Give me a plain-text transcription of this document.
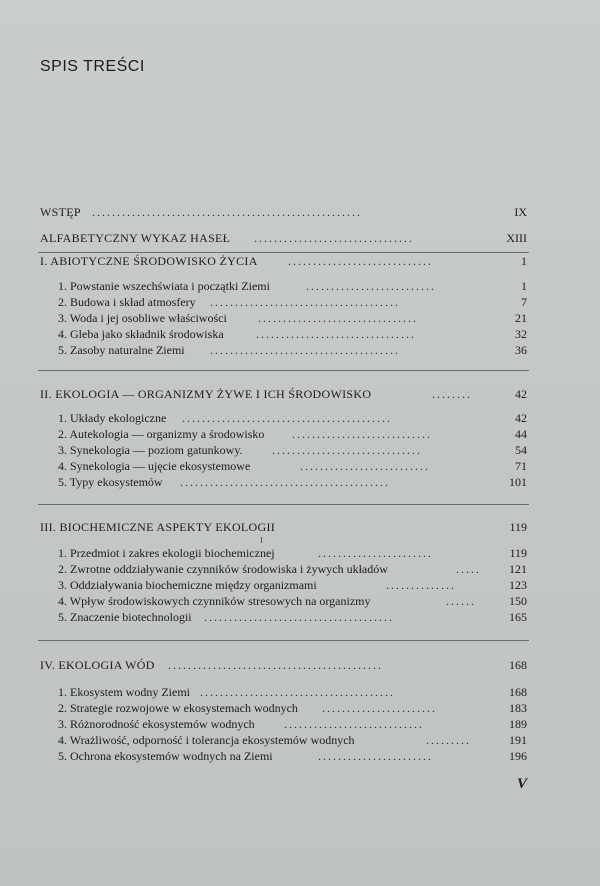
SPIS TREŚCI
WSTĘP ......................................................	IX
ALFABETYCZNY WYKAZ HASEŁ	................................	XIII
I. ABIOTYCZNE ŚRODOWISKO ŻYCIA	.............................	1
1. Powstanie wszechświata i początki Ziemi	..........................	1
2. Budowa i skład atmosfery	......................................	7
3. Woda i jej osobliwe właściwości	................................	21
4. Gleba jako składnik środowiska	................................	32
5. Zasoby naturalne Ziemi	......................................	36
II. EKOLOGIA — ORGANIZMY ŻYWE I ICH ŚRODOWISKO	........	42
1. Układy ekologiczne	..........................................	42
2. Autekologia — organizmy a środowisko	............................	44
3. Synekologia — poziom gatunkowy.	..............................	54
4. Synekologia — ujęcie ekosystemowe	..........................	71
5. Typy ekosystemów	..........................................	101
III. BIOCHEMICZNE ASPEKTY EKOLOGII	119
1. Przedmiot i zakres ekologii biochemicznej	.......................	119
2. Zwrotne oddziaływanie czynników środowiska i żywych układów	.....	121
3. Oddziaływania biochemiczne między organizmami	..............	123
4. Wpływ środowiskowych czynników stresowych na organizmy	......	150
5. Znaczenie biotechnologii	......................................	165
IV. EKOLOGIA WÓD	...........................................	168
1. Ekosystem wodny Ziemi .......................................	168
2. Strategie rozwojowe w ekosystemach wodnych	.......................	183
3. Różnorodność ekosystemów wodnych	............................	189
4. Wrażliwość, odporność i tolerancja ekosystemów wodnych	.........	191
5. Ochrona ekosystemów wodnych na Ziemi	.......................	196
V
